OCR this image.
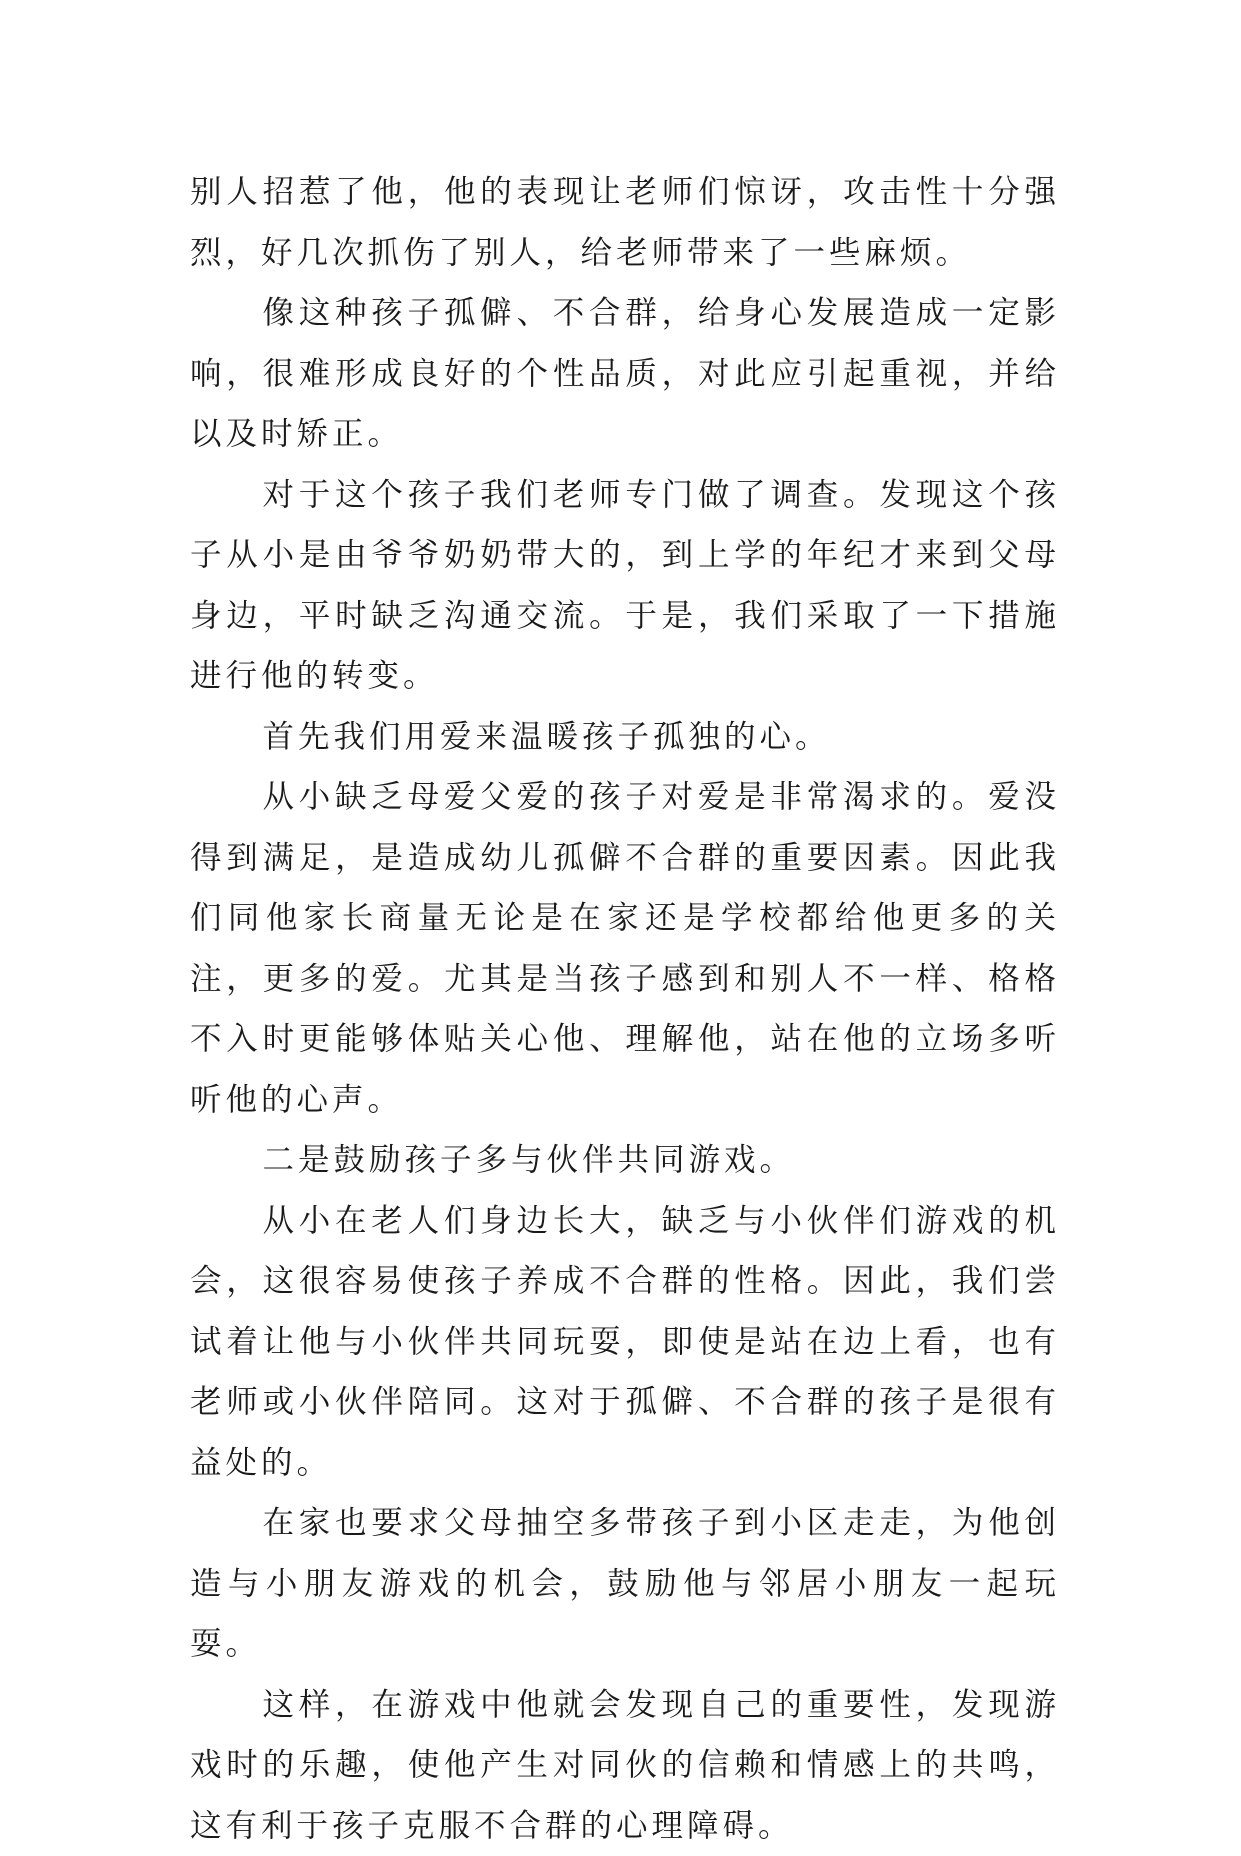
别人招惹了他，他的表现让老师们惊讶，攻击性十分强烈，好几次抓伤了别人，给老师带来了一些麻烦。

像这种孩子孤僻、不合群，给身心发展造成一定影响，很难形成良好的个性品质，对此应引起重视，并给以及时矫正。

对于这个孩子我们老师专门做了调查。发现这个孩子从小是由爷爷奶奶带大的，到上学的年纪才来到父母身边，平时缺乏沟通交流。于是，我们采取了一下措施进行他的转变。

首先我们用爱来温暖孩子孤独的心。

从小缺乏母爱父爱的孩子对爱是非常渴求的。爱没得到满足，是造成幼儿孤僻不合群的重要因素。因此我们同他家长商量无论是在家还是学校都给他更多的关注，更多的爱。尤其是当孩子感到和别人不一样、格格不入时更能够体贴关心他、理解他，站在他的立场多听听他的心声。

二是鼓励孩子多与伙伴共同游戏。

从小在老人们身边长大，缺乏与小伙伴们游戏的机会，这很容易使孩子养成不合群的性格。因此，我们尝试着让他与小伙伴共同玩耍，即使是站在边上看，也有老师或小伙伴陪同。这对于孤僻、不合群的孩子是很有益处的。

在家也要求父母抽空多带孩子到小区走走，为他创造与小朋友游戏的机会，鼓励他与邻居小朋友一起玩耍。

这样，在游戏中他就会发现自己的重要性，发现游戏时的乐趣，使他产生对同伙的信赖和情感上的共鸣，这有利于孩子克服不合群的心理障碍。
